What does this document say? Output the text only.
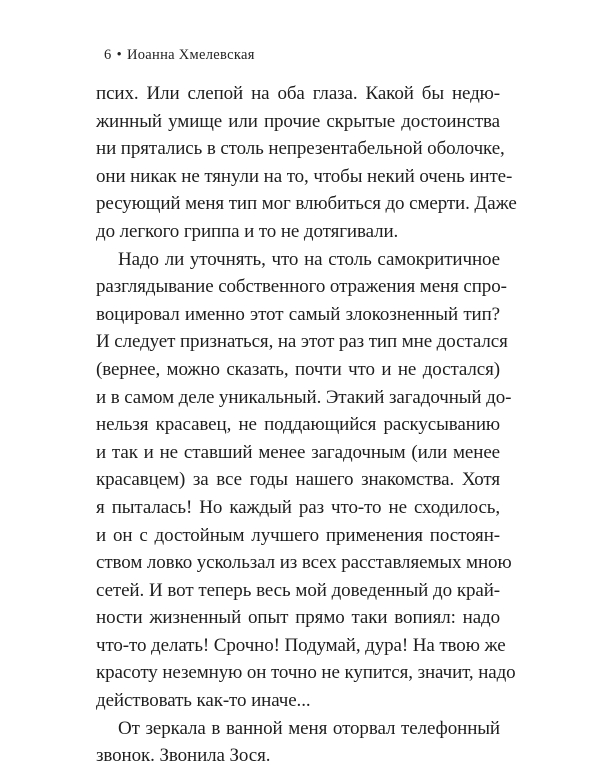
6 • Иоанна Хмелевская
псих. Или слепой на оба глаза. Какой бы недю-
жинный умище или прочие скрытые достоинства
ни прятались в столь непрезентабельной оболочке,
они никак не тянули на то, чтобы некий очень инте-
ресующий меня тип мог влюбиться до смерти. Даже
до легкого гриппа и то не дотягивали.
Надо ли уточнять, что на столь самокритичное
разглядывание собственного отражения меня спро-
воцировал именно этот самый злокозненный тип?
И следует признаться, на этот раз тип мне достался
(вернее, можно сказать, почти что и не достался)
и в самом деле уникальный. Этакий загадочный до-
нельзя красавец, не поддающийся раскусыванию
и так и не ставший менее загадочным (или менее
красавцем) за все годы нашего знакомства. Хотя
я пыталась! Но каждый раз что-то не сходилось,
и он с достойным лучшего применения постоян-
ством ловко ускользал из всех расставляемых мною
сетей. И вот теперь весь мой доведенный до край-
ности жизненный опыт прямо таки вопиял: надо
что-то делать! Срочно! Подумай, дура! На твою же
красоту неземную он точно не купится, значит, надо
действовать как-то иначе...
От зеркала в ванной меня оторвал телефонный
звонок. Звонила Зося.
